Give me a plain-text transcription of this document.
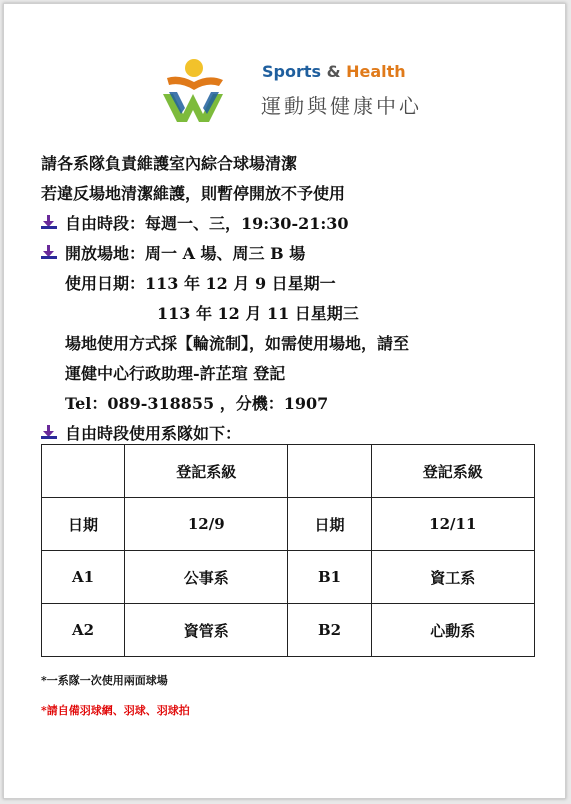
Sports & Health
運動與健康中心
請各系隊負責維護室內綜合球場清潔
若違反場地清潔維護，則暫停開放不予使用
自由時段：每週一、三，19:30-21:30
開放場地：周一 A 場、周三 B 場
使用日期：113 年 12 月 9 日星期一
113 年 12 月 11 日星期三
場地使用方式採【輪流制】，如需使用場地，請至
運健中心行政助理-許芷瑄 登記
Tel：089-318855 ，分機：1907
自由時段使用系隊如下：
	登記系級		登記系級
日期	12/9	日期	12/11
A1	公事系	B1	資工系
A2	資管系	B2	心動系
*一系隊一次使用兩面球場
*請自備羽球網、羽球、羽球拍
